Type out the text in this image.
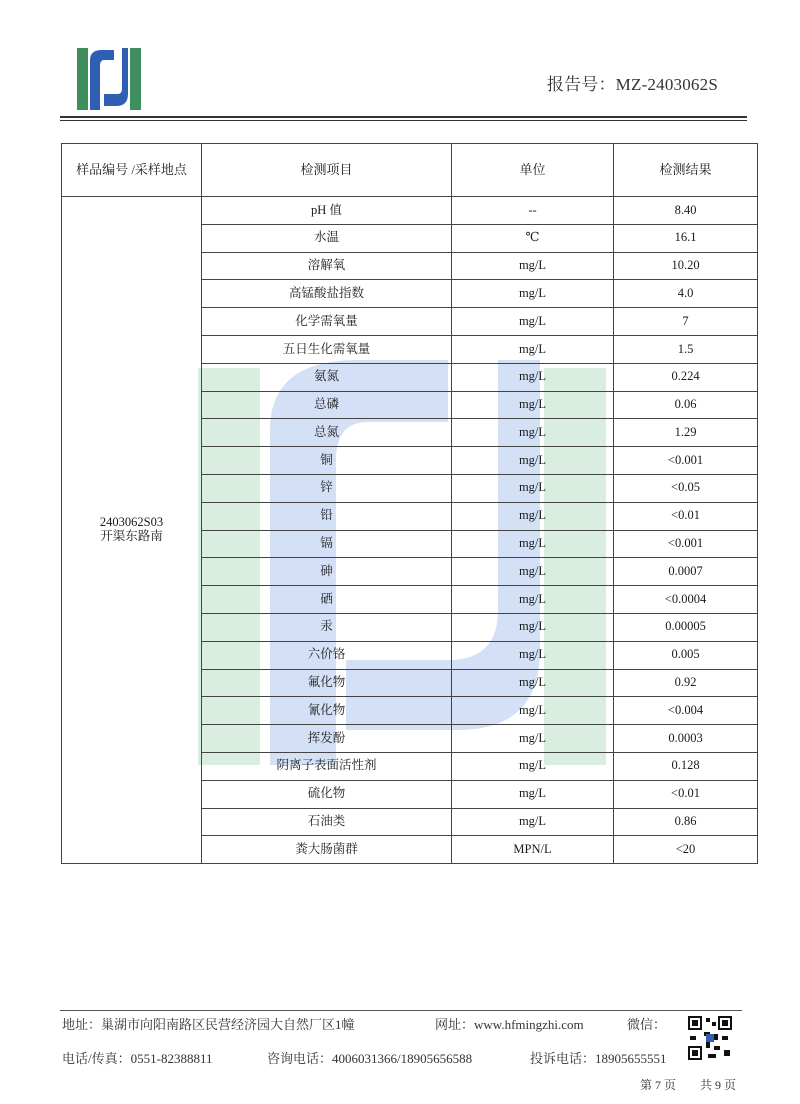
报告号：MZ-2403062S
样品编号 /采样地点	检测项目	单位	检测结果

2403062S03
开渠东路南	pH 值	--	8.40
	水温	℃	16.1
	溶解氧	mg/L	10.20
	高锰酸盐指数	mg/L	4.0
	化学需氧量	mg/L	7
	五日生化需氧量	mg/L	1.5
	氨氮	mg/L	0.224
	总磷	mg/L	0.06
	总氮	mg/L	1.29
	铜	mg/L	<0.001
	锌	mg/L	<0.05
	铅	mg/L	<0.01
	镉	mg/L	<0.001
	砷	mg/L	0.0007
	硒	mg/L	<0.0004
	汞	mg/L	0.00005
	六价铬	mg/L	0.005
	氟化物	mg/L	0.92
	氰化物	mg/L	<0.004
	挥发酚	mg/L	0.0003
	阴离子表面活性剂	mg/L	0.128
	硫化物	mg/L	<0.01
	石油类	mg/L	0.86
	粪大肠菌群	MPN/L	<20
地址：巢湖市向阳南路区民营经济园大自然厂区1幢	网址：www.hfmingzhi.com	微信：
电话/传真：0551-82388811	咨询电话：4006031366/18905656588	投诉电话：18905655551
第 7 页 共 9 页
